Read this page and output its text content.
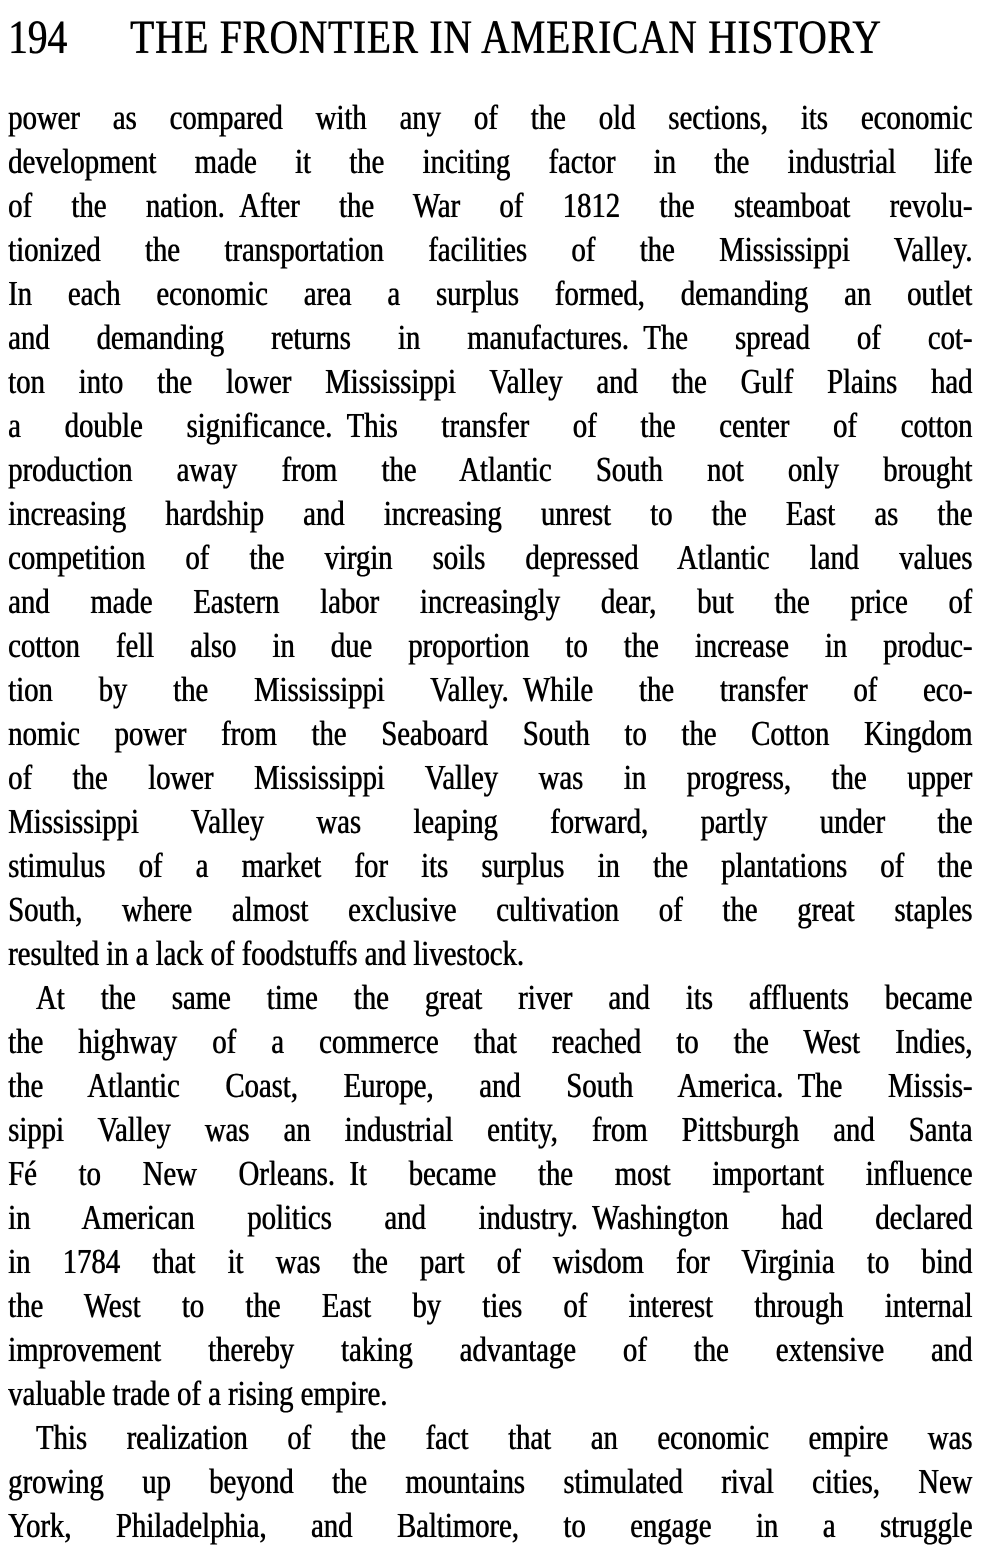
194 THE FRONTIER IN AMERICAN HISTORY
power as compared with any of the old sections, its economic
development made it the inciting factor in the industrial life
of the nation. After the War of 1812 the steamboat revolu-
tionized the transportation facilities of the Mississippi Valley.
In each economic area a surplus formed, demanding an outlet
and demanding returns in manufactures. The spread of cot-
ton into the lower Mississippi Valley and the Gulf Plains had
a double significance. This transfer of the center of cotton
production away from the Atlantic South not only brought
increasing hardship and increasing unrest to the East as the
competition of the virgin soils depressed Atlantic land values
and made Eastern labor increasingly dear, but the price of
cotton fell also in due proportion to the increase in produc-
tion by the Mississippi Valley. While the transfer of eco-
nomic power from the Seaboard South to the Cotton Kingdom
of the lower Mississippi Valley was in progress, the upper
Mississippi Valley was leaping forward, partly under the
stimulus of a market for its surplus in the plantations of the
South, where almost exclusive cultivation of the great staples
resulted in a lack of foodstuffs and livestock.
At the same time the great river and its affluents became
the highway of a commerce that reached to the West Indies,
the Atlantic Coast, Europe, and South America. The Missis-
sippi Valley was an industrial entity, from Pittsburgh and Santa
Fé to New Orleans. It became the most important influence
in American politics and industry. Washington had declared
in 1784 that it was the part of wisdom for Virginia to bind
the West to the East by ties of interest through internal
improvement thereby taking advantage of the extensive and
valuable trade of a rising empire.
This realization of the fact that an economic empire was
growing up beyond the mountains stimulated rival cities, New
York, Philadelphia, and Baltimore, to engage in a struggle
